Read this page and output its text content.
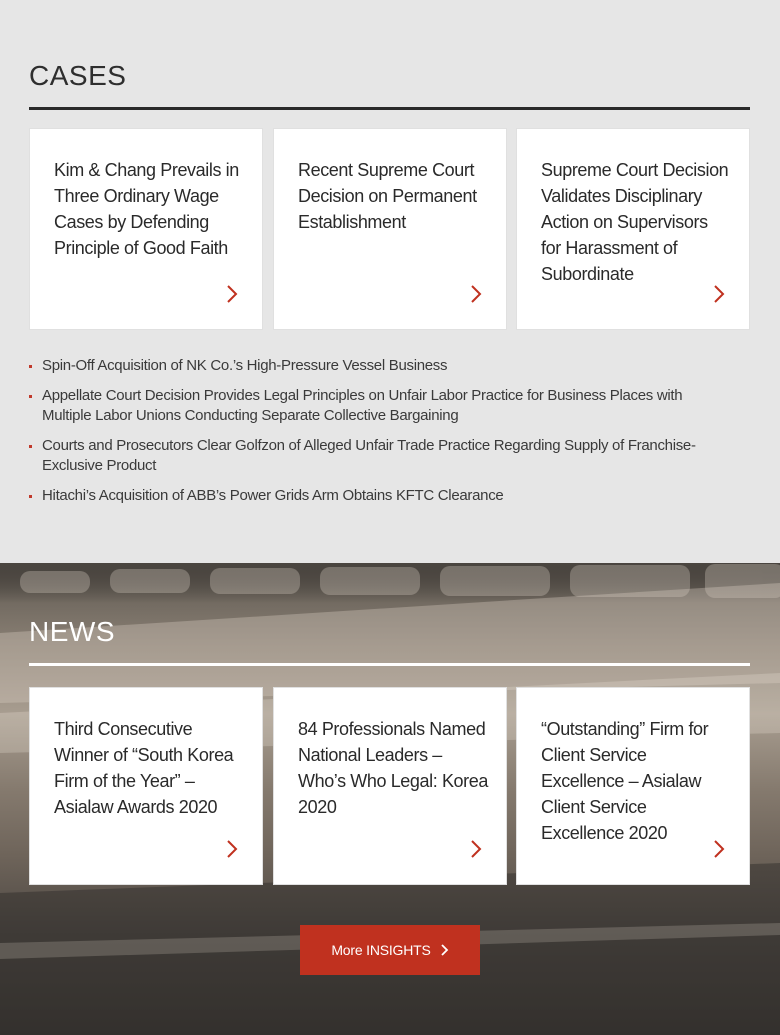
CASES
Kim & Chang Prevails in Three Ordinary Wage Cases by Defending Principle of Good Faith
Recent Supreme Court Decision on Permanent Establishment
Supreme Court Decision Validates Disciplinary Action on Supervisors for Harassment of Subordinate
Spin-Off Acquisition of NK Co.’s High-Pressure Vessel Business
Appellate Court Decision Provides Legal Principles on Unfair Labor Practice for Business Places with Multiple Labor Unions Conducting Separate Collective Bargaining
Courts and Prosecutors Clear Golfzon of Alleged Unfair Trade Practice Regarding Supply of Franchise-Exclusive Product
Hitachi’s Acquisition of ABB’s Power Grids Arm Obtains KFTC Clearance
NEWS
Third Consecutive Winner of “South Korea Firm of the Year” – Asialaw Awards 2020
84 Professionals Named National Leaders – Who’s Who Legal: Korea 2020
“Outstanding” Firm for Client Service Excellence – Asialaw Client Service Excellence 2020
More INSIGHTS
